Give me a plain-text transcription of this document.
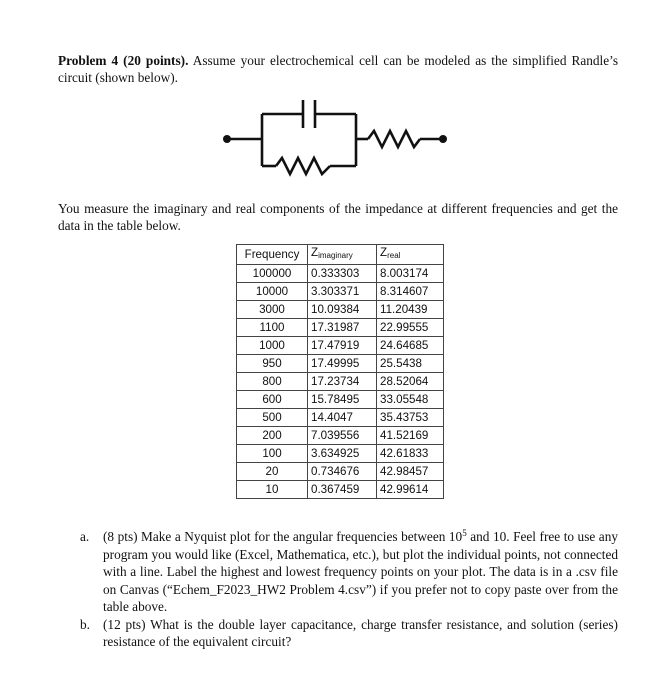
Problem 4 (20 points). Assume your electrochemical cell can be modeled as the simplified Randle’s circuit (shown below).

You measure the imaginary and real components of the impedance at different frequencies and get the data in the table below.

Frequency	$Z_{imaginary}$	$Z_{real}$
100000	0.333303	8.003174
10000	3.303371	8.314607
3000	10.09384	11.20439
1100	17.31987	22.99555
1000	17.47919	24.64685
950	17.49995	25.5438
800	17.23734	28.52064
600	15.78495	33.05548
500	14.4047	35.43753
200	7.039556	41.52169
100	3.634925	42.61833
20	0.734676	42.98457
10	0.367459	42.99614
a. (8 pts) Make a Nyquist plot for the angular frequencies between $10^5$ and 10. Feel free to use any program you would like (Excel, Mathematica, etc.), but plot the individual points, not connected with a line. Label the highest and lowest frequency points on your plot. The data is in a .csv file on Canvas (“Echem_F2023_HW2 Problem 4.csv”) if you prefer not to copy paste over from the table above.
b. (12 pts) What is the double layer capacitance, charge transfer resistance, and solution (series) resistance of the equivalent circuit?
